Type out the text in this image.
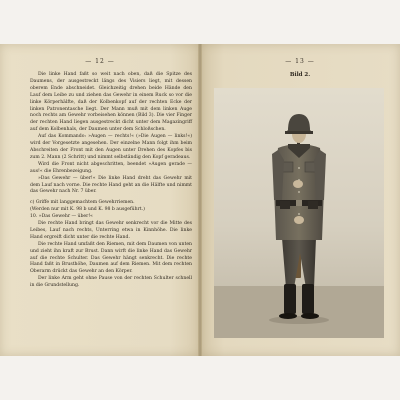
— 12 —

Die linke Hand faßt so weit nach oben, daß die Spitze des Daumens, der ausgestreckt längs des Visiers liegt, mit dessen oberem Ende abschneidet. Gleichzeitig drehen beide Hände den Lauf dem Leibe zu und ziehen das Gewehr in einem Ruck so vor die linke Körperhälfte, daß der Kolbenkopf auf der rechten Ecke der linken Patronentasche liegt. Der Mann muß mit dem linken Auge noch rechts am Gewehr vorbeisehen können (Bild 3). Die vier Finger der rechten Hand liegen ausgestreckt dicht unter dem Magazingriff auf dem Kolbenhals, der Daumen unter dem Schloßschen.

Auf das Kommando: »Augen — rechts!« (»Die Augen — links!«) wird der Vorgesetzte angesehen. Der einzelne Mann folgt ihm beim Abschreiten der Front mit den Augen unter Drehen des Kopfes bis zum 2. Mann (2 Schritt) und nimmt selbständig den Kopf geradeaus.

Wird die Front nicht abgeschritten, beendet »Augen gerade — aus!« die Ehrenbezeigung.

»Das Gewehr — über!« Die linke Hand dreht das Gewehr mit dem Lauf nach vorne. Die rechte Hand geht an die Hälfte und nimmt das Gewehr nach Nr. 7 über.

c) Griffe mit langgemachtem Gewehrriemen.

(Werden nur mit K. 98 b und K. 98 b ausgeführt.)

10. »Das Gewehr — über!«

Die rechte Hand bringt das Gewehr senkrecht vor die Mitte des Leibes, Lauf nach rechts, Unterring etwa in Kinnhöhe. Die linke Hand ergreift dicht unter die rechte Hand.

Die rechte Hand umfaßt den Riemen, mit dem Daumen von unten und zieht ihn kraft zur Brust. Dann wirft die linke Hand das Gewehr auf die rechte Schulter. Das Gewehr hängt senkrecht. Die rechte Hand faßt in Brusthöhe, Daumen auf dem Riemen. Mit dem rechten Oberarm drückt das Gewehr an den Körper.

Der linke Arm geht ohne Pause von der rechten Schulter schnell in die Grundstellung.

— 13 —
Bild 2.
